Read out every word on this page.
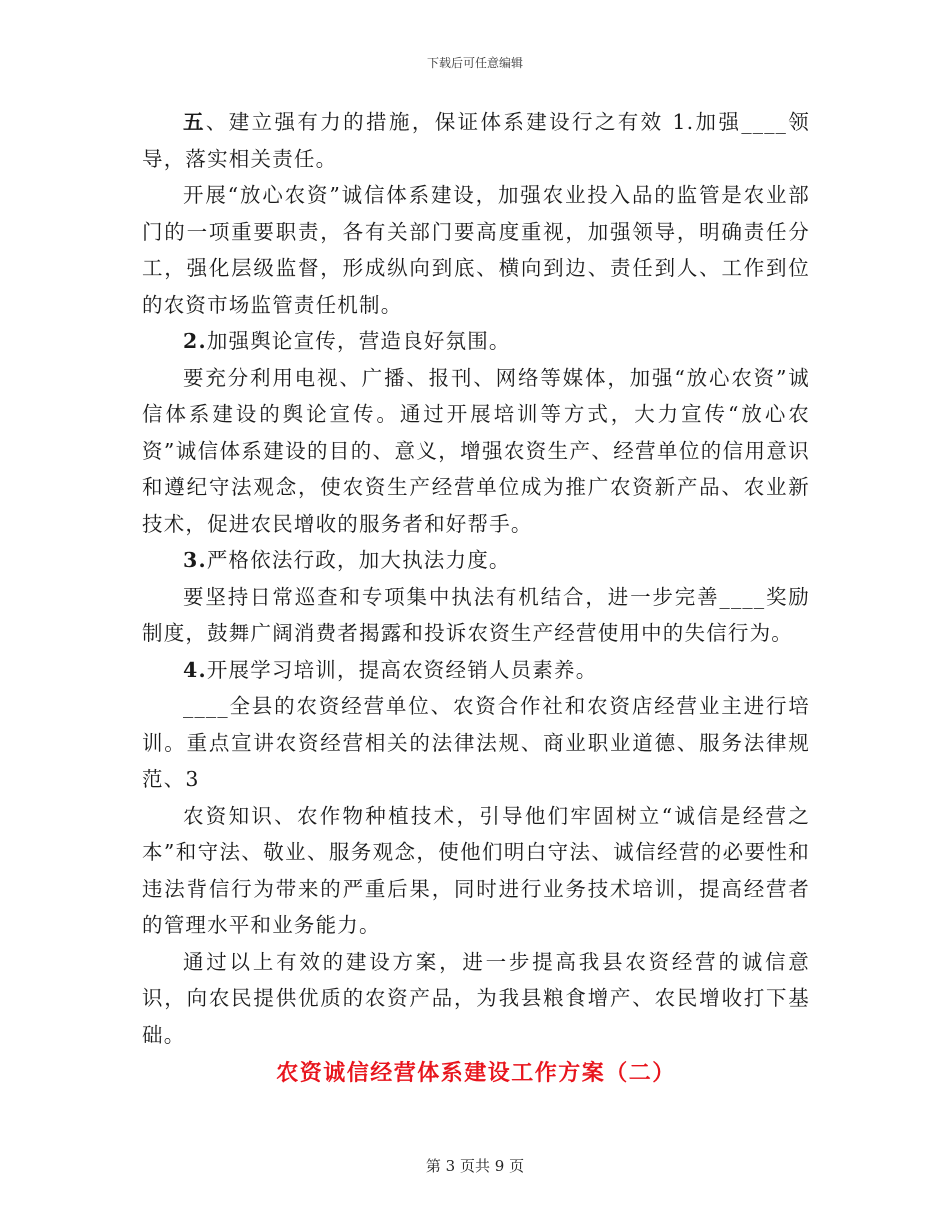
下载后可任意编辑

五、建立强有力的措施，保证体系建设行之有效 1.加强____领导，落实相关责任。

开展“放心农资”诚信体系建设，加强农业投入品的监管是农业部门的一项重要职责，各有关部门要高度重视，加强领导，明确责任分工，强化层级监督，形成纵向到底、横向到边、责任到人、工作到位的农资市场监管责任机制。

2.加强舆论宣传，营造良好氛围。

要充分利用电视、广播、报刊、网络等媒体，加强“放心农资”诚信体系建设的舆论宣传。通过开展培训等方式，大力宣传“放心农资”诚信体系建设的目的、意义，增强农资生产、经营单位的信用意识和遵纪守法观念，使农资生产经营单位成为推广农资新产品、农业新技术，促进农民增收的服务者和好帮手。

3.严格依法行政，加大执法力度。

要坚持日常巡查和专项集中执法有机结合，进一步完善____奖励制度，鼓舞广阔消费者揭露和投诉农资生产经营使用中的失信行为。

4.开展学习培训，提高农资经销人员素养。

____全县的农资经营单位、农资合作社和农资店经营业主进行培训。重点宣讲农资经营相关的法律法规、商业职业道德、服务法律规范、3

农资知识、农作物种植技术，引导他们牢固树立“诚信是经营之本”和守法、敬业、服务观念，使他们明白守法、诚信经营的必要性和违法背信行为带来的严重后果，同时进行业务技术培训，提高经营者的管理水平和业务能力。

通过以上有效的建设方案，进一步提高我县农资经营的诚信意识，向农民提供优质的农资产品，为我县粮食增产、农民增收打下基础。

农资诚信经营体系建设工作方案（二）
第 3 页共 9 页
